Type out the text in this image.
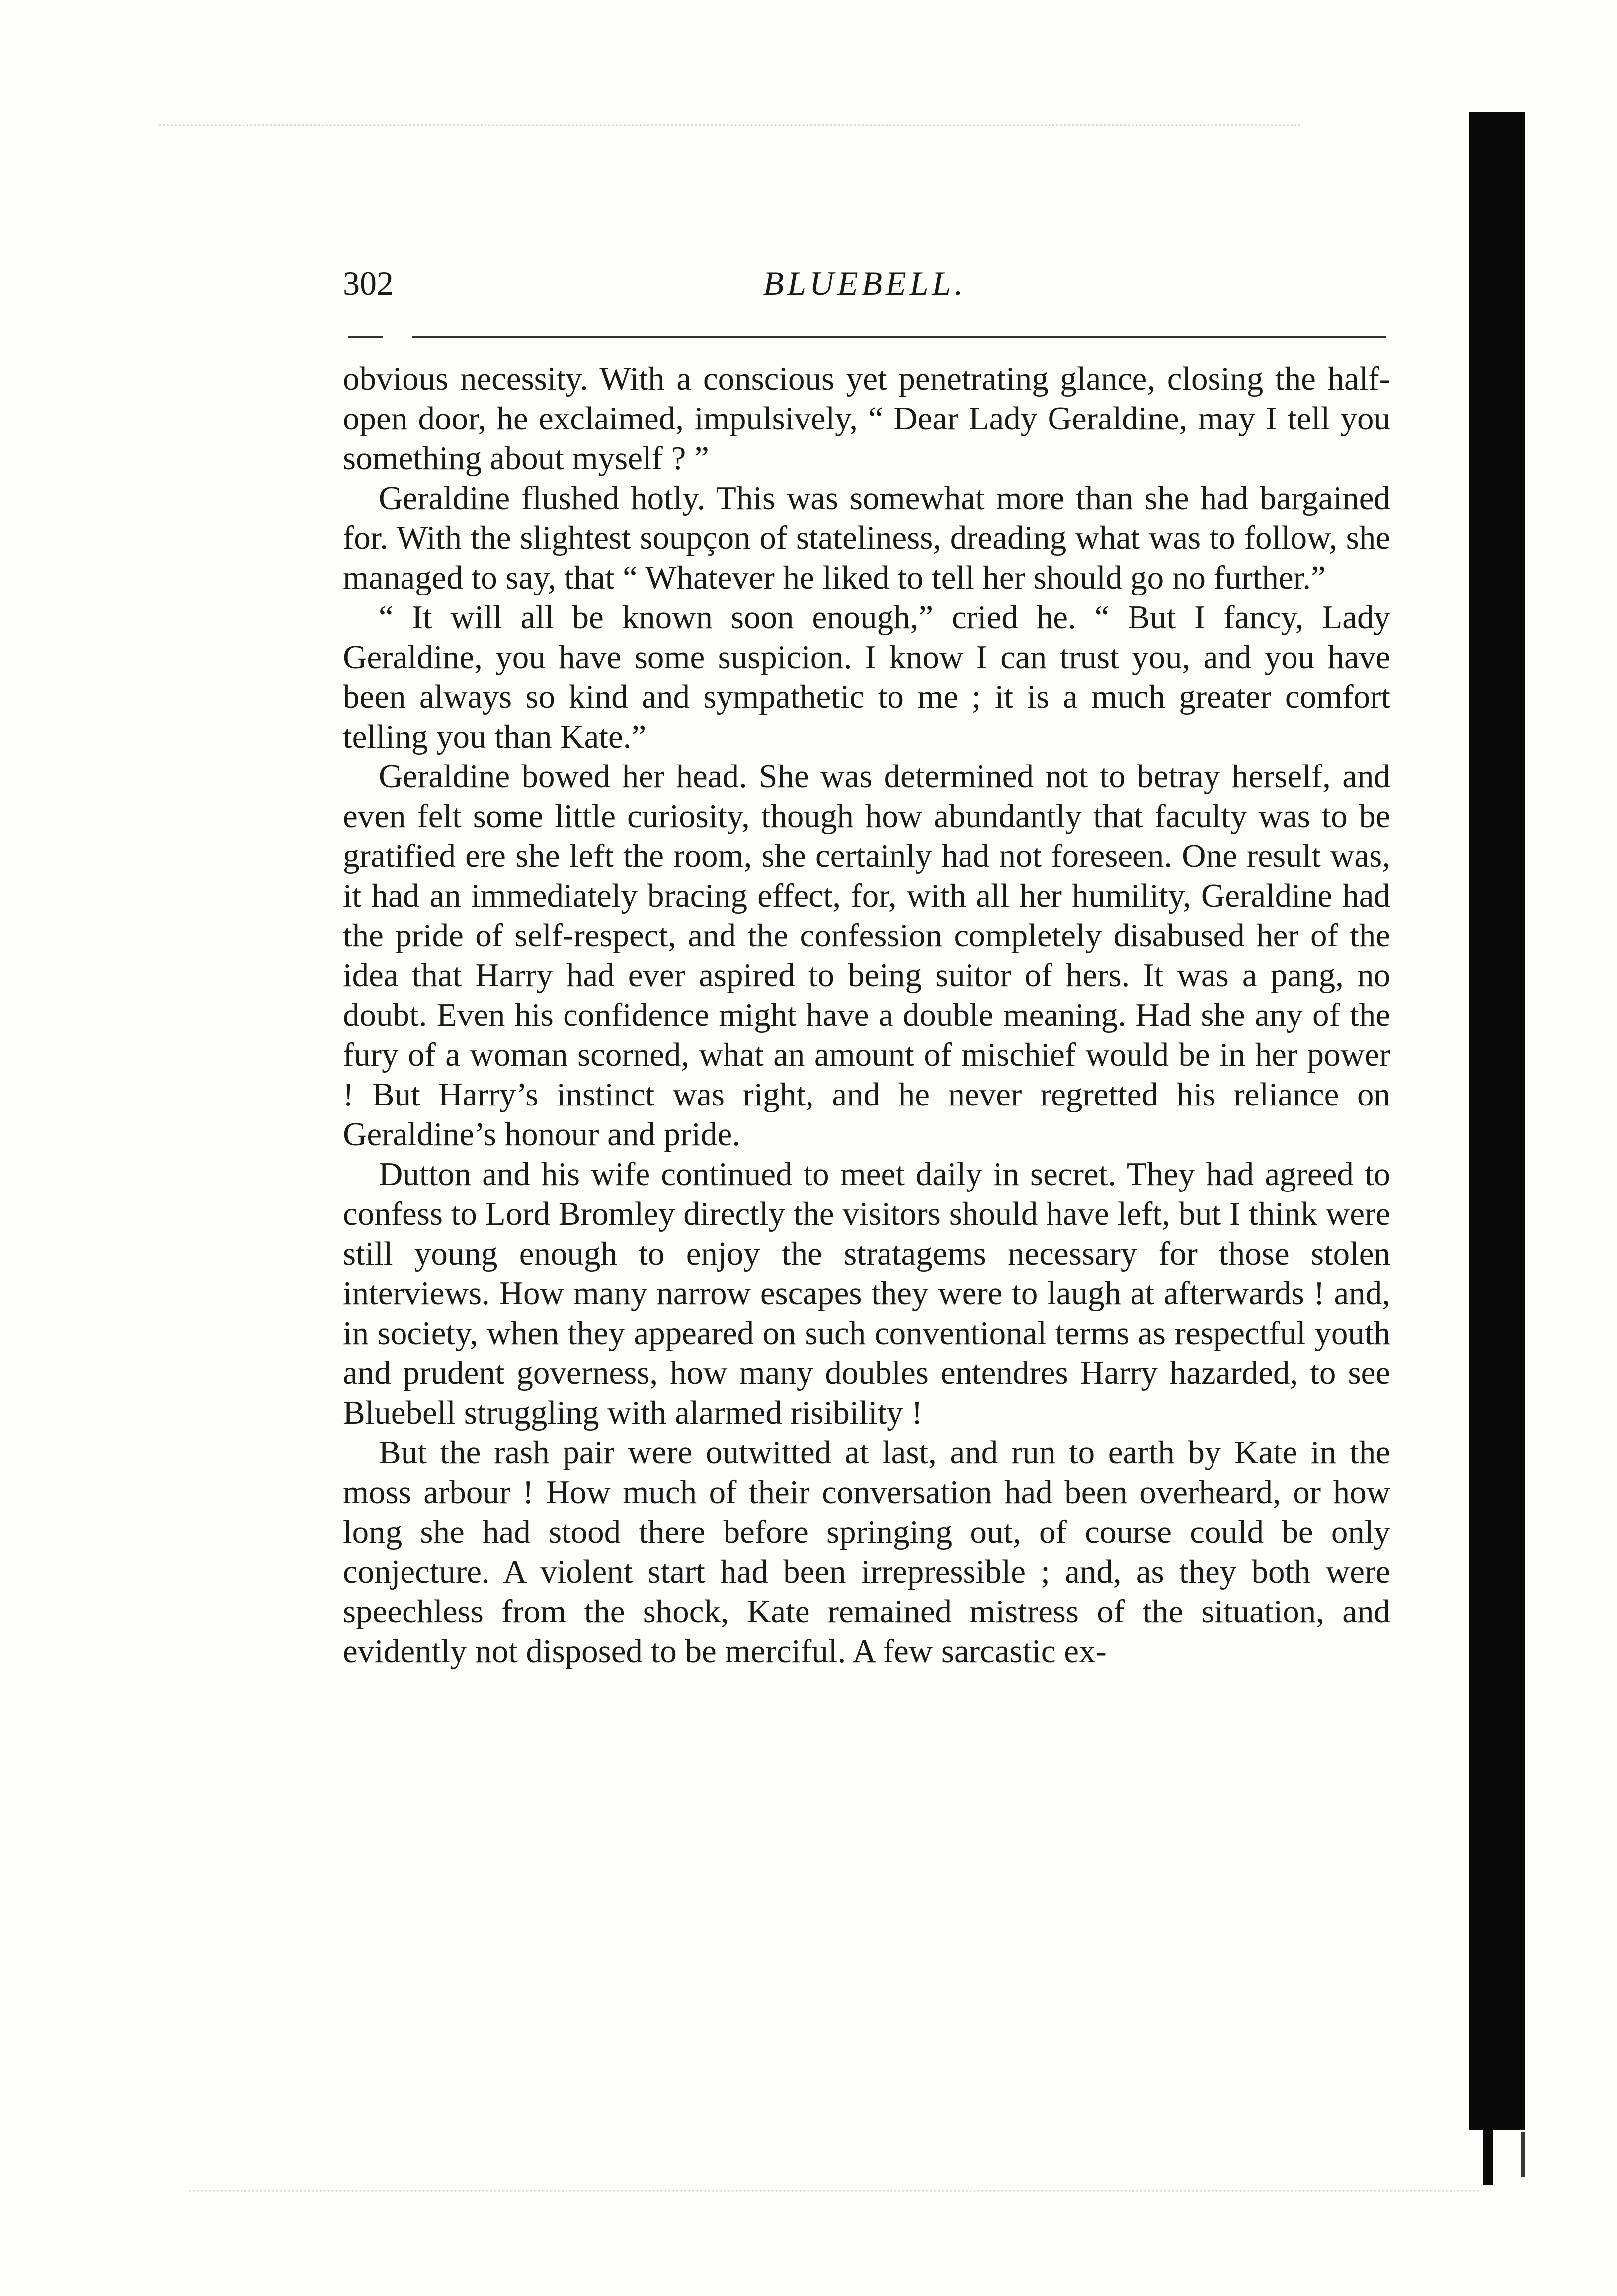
302	BLUEBELL.

obvious necessity. With a conscious yet penetrating glance, closing the half-open door, he exclaimed, impulsively, “ Dear Lady Geraldine, may I tell you something about myself ? ”

Geraldine flushed hotly. This was somewhat more than she had bargained for. With the slightest soupçon of stateliness, dreading what was to follow, she managed to say, that “ Whatever he liked to tell her should go no further.”

“ It will all be known soon enough,” cried he. “ But I fancy, Lady Geraldine, you have some suspicion. I know I can trust you, and you have been always so kind and sympathetic to me ; it is a much greater comfort telling you than Kate.”

Geraldine bowed her head. She was determined not to betray herself, and even felt some little curiosity, though how abundantly that faculty was to be gratified ere she left the room, she certainly had not foreseen. One result was, it had an immediately bracing effect, for, with all her humility, Geraldine had the pride of self-respect, and the confession completely disabused her of the idea that Harry had ever aspired to being suitor of hers. It was a pang, no doubt. Even his confidence might have a double meaning. Had she any of the fury of a woman scorned, what an amount of mischief would be in her power ! But Harry’s instinct was right, and he never regretted his reliance on Geraldine’s honour and pride.

Dutton and his wife continued to meet daily in secret. They had agreed to confess to Lord Bromley directly the visitors should have left, but I think were still young enough to enjoy the stratagems necessary for those stolen interviews. How many narrow escapes they were to laugh at afterwards ! and, in society, when they appeared on such conventional terms as respectful youth and prudent governess, how many doubles entendres Harry hazarded, to see Bluebell struggling with alarmed risibility !

But the rash pair were outwitted at last, and run to earth by Kate in the moss arbour ! How much of their conversation had been overheard, or how long she had stood there before springing out, of course could be only conjecture. A violent start had been irrepressible ; and, as they both were speechless from the shock, Kate remained mistress of the situation, and evidently not disposed to be merciful. A few sarcastic ex-
